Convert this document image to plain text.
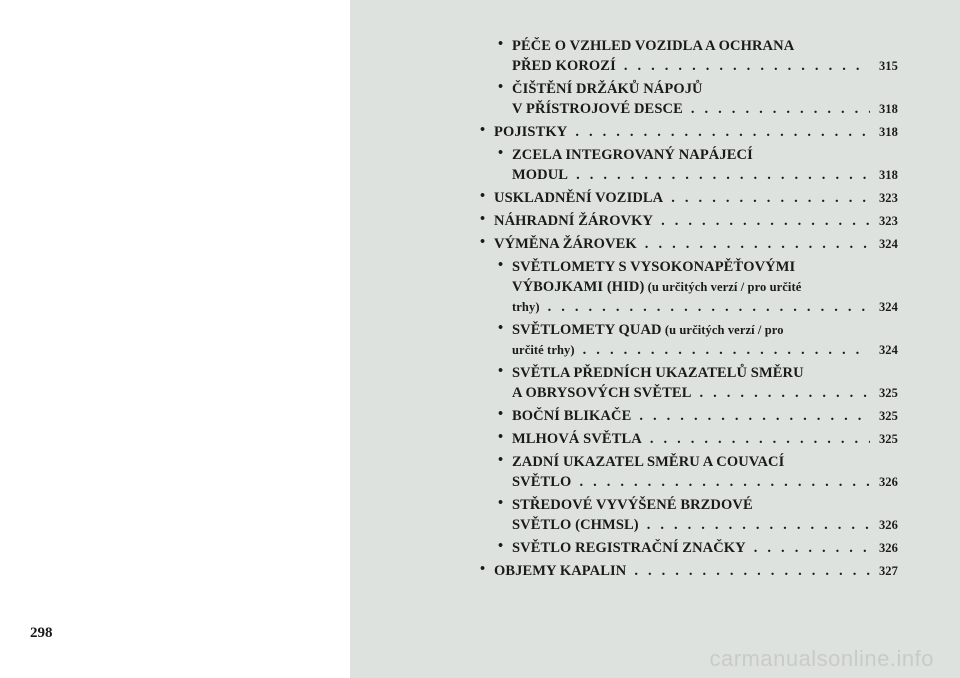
298
• PÉČE O VZHLED VOZIDLA A OCHRANA
PŘED KOROZÍ . . .	315
• ČIŠTĚNÍ DRŽÁKŮ NÁPOJŮ
V PŘÍSTROJOVÉ DESCE . . .	318
• POJISTKY . . .	318
• ZCELA INTEGROVANÝ NAPÁJECÍ
MODUL . . .	318
• USKLADNĚNÍ VOZIDLA . . .	323
• NÁHRADNÍ ŽÁROVKY . . .	323
• VÝMĚNA ŽÁROVEK . . .	324
• SVĚTLOMETY S VYSOKONAPĚŤOVÝMI
VÝBOJKAMI (HID) (u určitých verzí / pro určité
trhy) . . .	324
• SVĚTLOMETY QUAD (u určitých verzí / pro
určité trhy) . . .	324
• SVĚTLA PŘEDNÍCH UKAZATELŮ SMĚRU
A OBRYSOVÝCH SVĚTEL . . .	325
• BOČNÍ BLIKAČE . . .	325
• MLHOVÁ SVĚTLA . . .	325
• ZADNÍ UKAZATEL SMĚRU A COUVACÍ
SVĚTLO . . .	326
• STŘEDOVÉ VYVÝŠENÉ BRZDOVÉ
SVĚTLO (CHMSL) . . .	326
• SVĚTLO REGISTRAČNÍ ZNAČKY . . .	326
• OBJEMY KAPALIN . . .	327
carmanualsonline.info
